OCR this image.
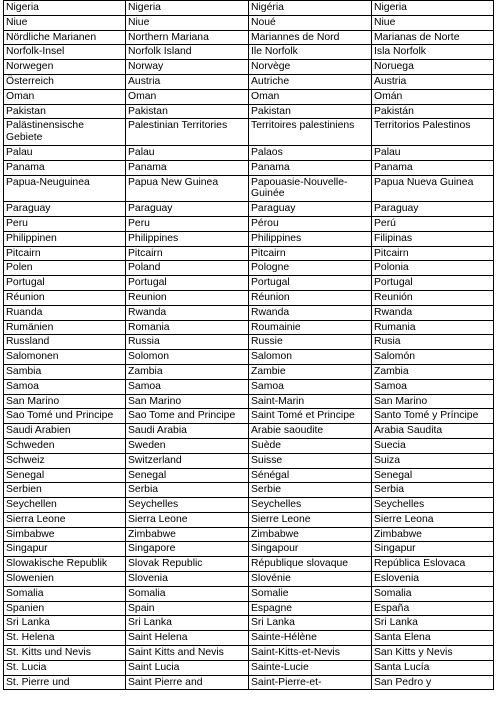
Nigeria	Nigeria	Nigéria	Nigeria
Niue	Niue	Noué	Niue
Nördliche Marianen	Northern Mariana	Mariannes de Nord	Marianas de Norte
Norfolk-Insel	Norfolk Island	Ile Norfolk	Isla Norfolk
Norwegen	Norway	Norvège	Noruega
Österreich	Austria	Autriche	Austria
Oman	Oman	Oman	Omán
Pakistan	Pakistan	Pakistan	Pakistán
Palästinensische Gebiete	Palestinian Territories	Territoires palestiniens	Territorios Palestinos
Palau	Palau	Palaos	Palau
Panama	Panama	Panama	Panama
Papua-Neuguinea	Papua New Guinea	Papouasie-Nouvelle-Guinée	Papua Nueva Guinea
Paraguay	Paraguay	Paraguay	Paraguay
Peru	Peru	Pérou	Perú
Philippinen	Philippines	Philippines	Filipinas
Pitcairn	Pitcairn	Pitcairn	Pitcairn
Polen	Poland	Pologne	Polonia
Portugal	Portugal	Portugal	Portugal
Réunion	Reunion	Réunion	Reunión
Ruanda	Rwanda	Rwanda	Rwanda
Rumänien	Romania	Roumainie	Rumania
Russland	Russia	Russie	Rusia
Salomonen	Solomon	Salomon	Salomón
Sambia	Zambia	Zambie	Zambia
Samoa	Samoa	Samoa	Samoa
San Marino	San Marino	Saint-Marin	San Marino
Sao Tomé und Principe	Sao Tome and Principe	Saint Tomé et Principe	Santo Tomé y Príncipe
Saudi Arabien	Saudi Arabia	Arabie saoudite	Arabia Saudita
Schweden	Sweden	Suède	Suecia
Schweiz	Switzerland	Suisse	Suiza
Senegal	Senegal	Sénégal	Senegal
Serbien	Serbia	Serbie	Serbia
Seychellen	Seychelles	Seychelles	Seychelles
Sierra Leone	Sierra Leone	Sierre Leone	Sierre Leona
Simbabwe	Zimbabwe	Zimbabwe	Zimbabwe
Singapur	Singapore	Singapour	Singapur
Slowakische Republik	Slovak Republic	République slovaque	República Eslovaca
Slowenien	Slovenia	Slovénie	Eslovenia
Somalia	Somalia	Somalie	Somalia
Spanien	Spain	Espagne	España
Sri Lanka	Sri Lanka	Sri Lanka	Sri Lanka
St. Helena	Saint Helena	Sainte-Hélène	Santa Elena
St. Kitts und Nevis	Saint Kitts and Nevis	Saint-Kitts-et-Nevis	San Kitts y Nevis
St. Lucia	Saint Lucia	Sainte-Lucie	Santa Lucía
St. Pierre und	Saint Pierre and	Saint-Pierre-et-	San Pedro y
